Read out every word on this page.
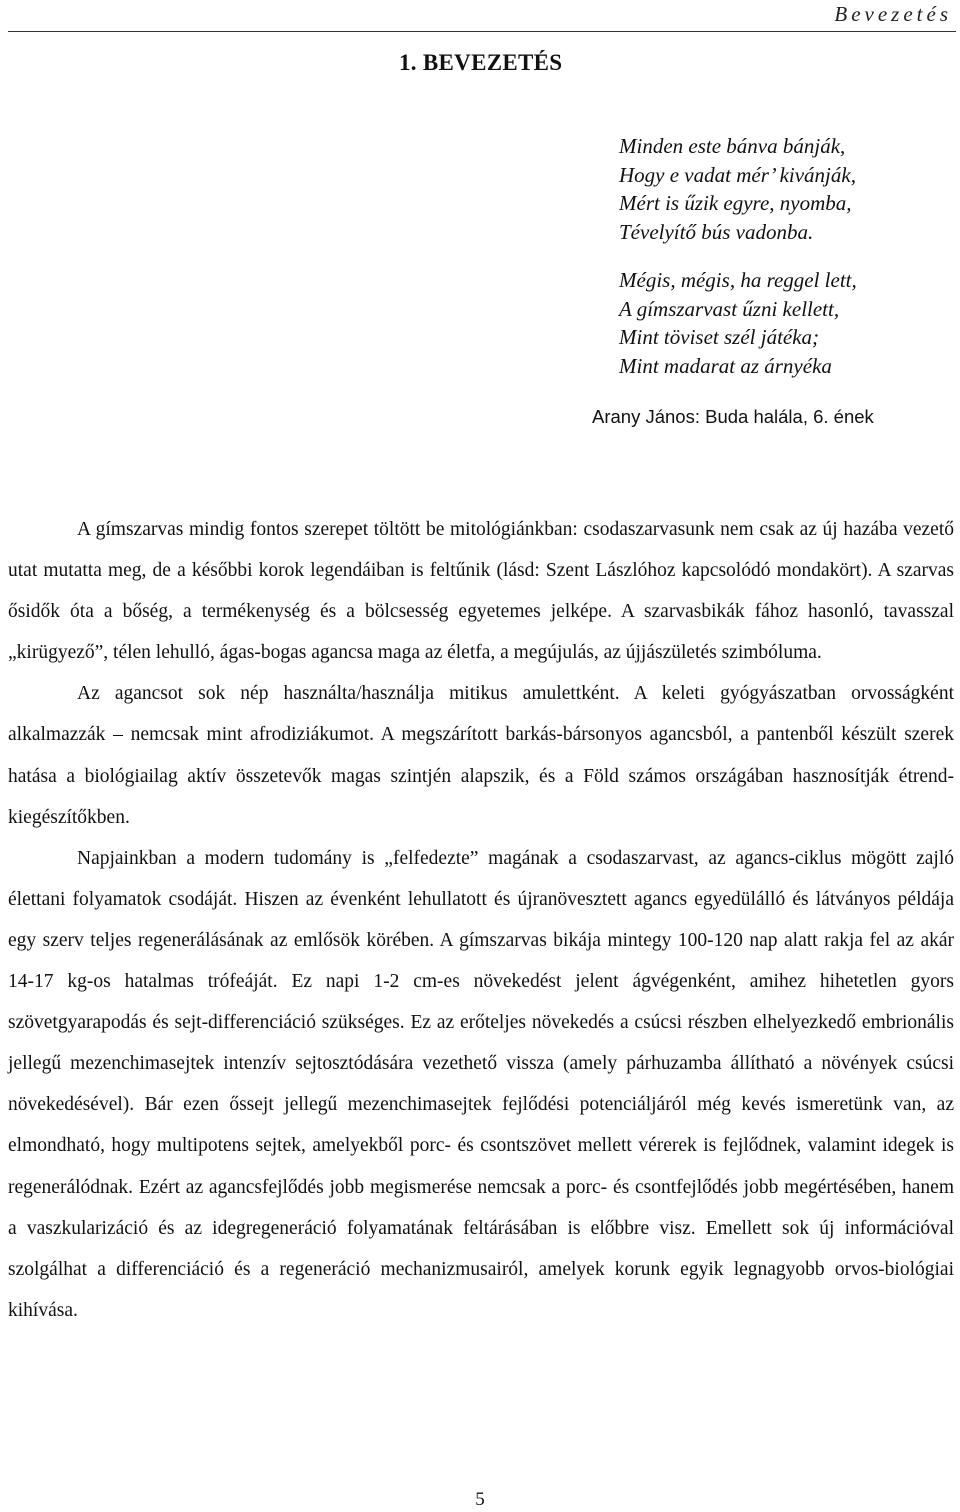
Bevezetés
1. BEVEZETÉS
Minden este bánva bánják,
Hogy e vadat mér’ kivánják,
Mért is űzik egyre, nyomba,
Tévelyítő bús vadonba.
Mégis, mégis, ha reggel lett,
A gímszarvast űzni kellett,
Mint töviset szél játéka;
Mint madarat az árnyéka
Arany János: Buda halála, 6. ének

A gímszarvas mindig fontos szerepet töltött be mitológiánkban: csodaszarvasunk nem csak az új hazába vezető utat mutatta meg, de a későbbi korok legendáiban is feltűnik (lásd: Szent Lászlóhoz kapcsolódó mondakört). A szarvas ősidők óta a bőség, a termékenység és a bölcsesség egyetemes jelképe. A szarvasbikák fához hasonló, tavasszal „kirügyező”, télen lehulló, ágas-bogas agancsa maga az életfa, a megújulás, az újjászületés szimbóluma.

Az agancsot sok nép használta/használja mitikus amulettként. A keleti gyógyászatban orvosságként alkalmazzák – nemcsak mint afrodiziákumot. A megszárított barkás-bársonyos agancsból, a pantenből készült szerek hatása a biológiailag aktív összetevők magas szintjén alapszik, és a Föld számos országában hasznosítják étrend-kiegészítőkben.

Napjainkban a modern tudomány is „felfedezte” magának a csodaszarvast, az agancs-ciklus mögött zajló élettani folyamatok csodáját. Hiszen az évenként lehullatott és újranövesztett agancs egyedülálló és látványos példája egy szerv teljes regenerálásának az emlősök körében. A gímszarvas bikája mintegy 100-120 nap alatt rakja fel az akár 14-17 kg-os hatalmas trófeáját. Ez napi 1-2 cm-es növekedést jelent ágvégenként, amihez hihetetlen gyors szövetgyarapodás és sejt-differenciáció szükséges. Ez az erőteljes növekedés a csúcsi részben elhelyezkedő embrionális jellegű mezenchimasejtek intenzív sejtosztódására vezethető vissza (amely párhuzamba állítható a növények csúcsi növekedésével). Bár ezen őssejt jellegű mezenchimasejtek fejlődési potenciáljáról még kevés ismeretünk van, az elmondható, hogy multipotens sejtek, amelyekből porc- és csontszövet mellett vérerek is fejlődnek, valamint idegek is regenerálódnak. Ezért az agancsfejlődés jobb megismerése nemcsak a porc- és csontfejlődés jobb megértésében, hanem a vaszkularizáció és az idegregeneráció folyamatának feltárásában is előbbre visz. Emellett sok új információval szolgálhat a differenciáció és a regeneráció mechanizmusairól, amelyek korunk egyik legnagyobb orvos-biológiai kihívása.

5
